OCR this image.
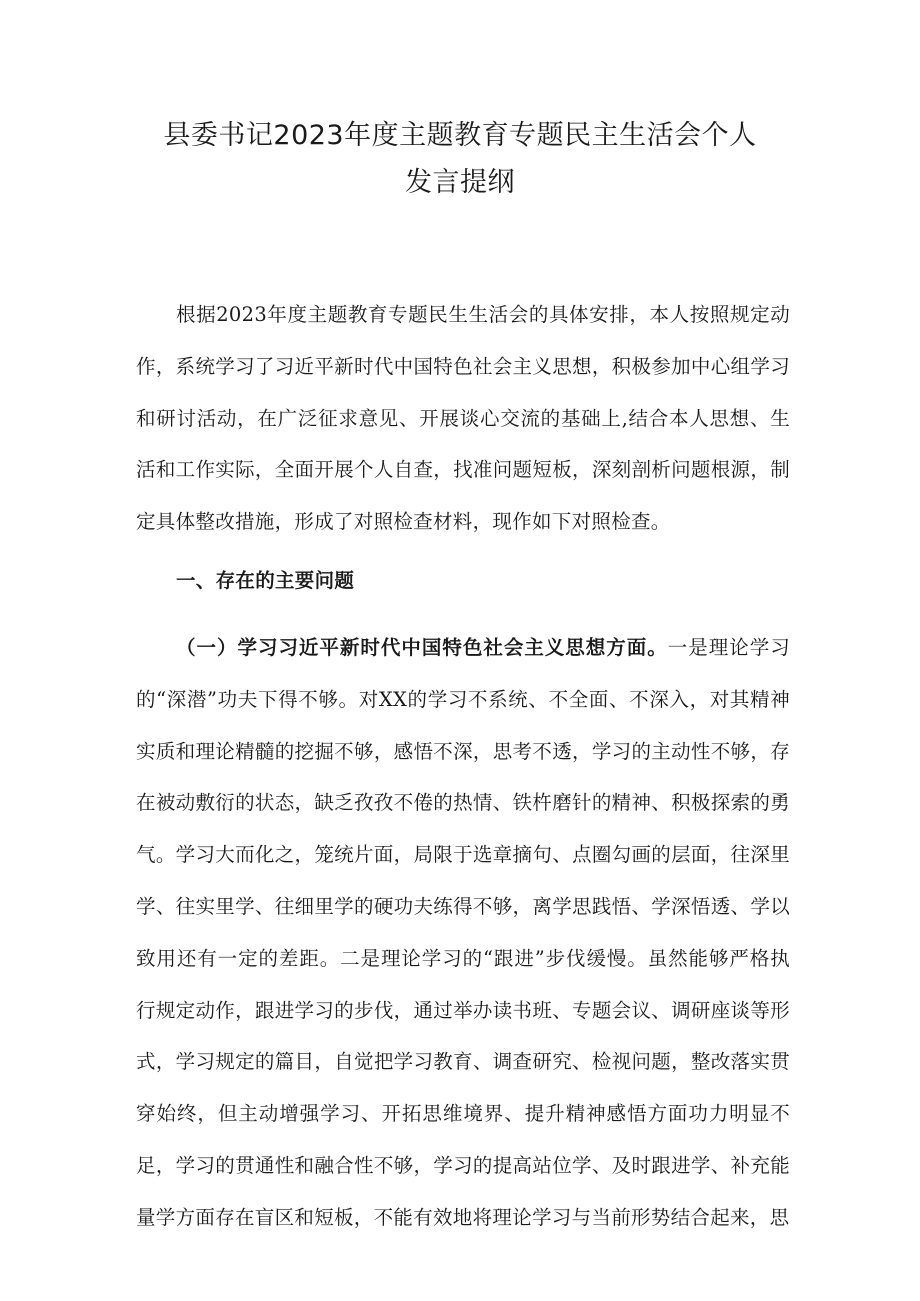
县委书记2023年度主题教育专题民主生活会个人发言提纲
根据2023年度主题教育专题民生生活会的具体安排，本人按照规定动作，系统学习了习近平新时代中国特色社会主义思想，积极参加中心组学习和研讨活动，在广泛征求意见、开展谈心交流的基础上,结合本人思想、生活和工作实际，全面开展个人自查，找准问题短板，深刻剖析问题根源，制定具体整改措施，形成了对照检查材料，现作如下对照检查。
一、存在的主要问题
（一）学习习近平新时代中国特色社会主义思想方面。一是理论学习的“深潜”功夫下得不够。对XX的学习不系统、不全面、不深入，对其精神实质和理论精髓的挖掘不够，感悟不深，思考不透，学习的主动性不够，存在被动敷衍的状态，缺乏孜孜不倦的热情、铁杵磨针的精神、积极探索的勇气。学习大而化之，笼统片面，局限于选章摘句、点圈勾画的层面，往深里学、往实里学、往细里学的硬功夫练得不够，离学思践悟、学深悟透、学以致用还有一定的差距。二是理论学习的“跟进”步伐缓慢。虽然能够严格执行规定动作，跟进学习的步伐，通过举办读书班、专题会议、调研座谈等形式，学习规定的篇目，自觉把学习教育、调查研究、检视问题，整改落实贯穿始终，但主动增强学习、开拓思维境界、提升精神感悟方面功力明显不足，学习的贯通性和融合性不够，学习的提高站位学、及时跟进学、补充能量学方面存在盲区和短板，不能有效地将理论学习与当前形势结合起来，思
